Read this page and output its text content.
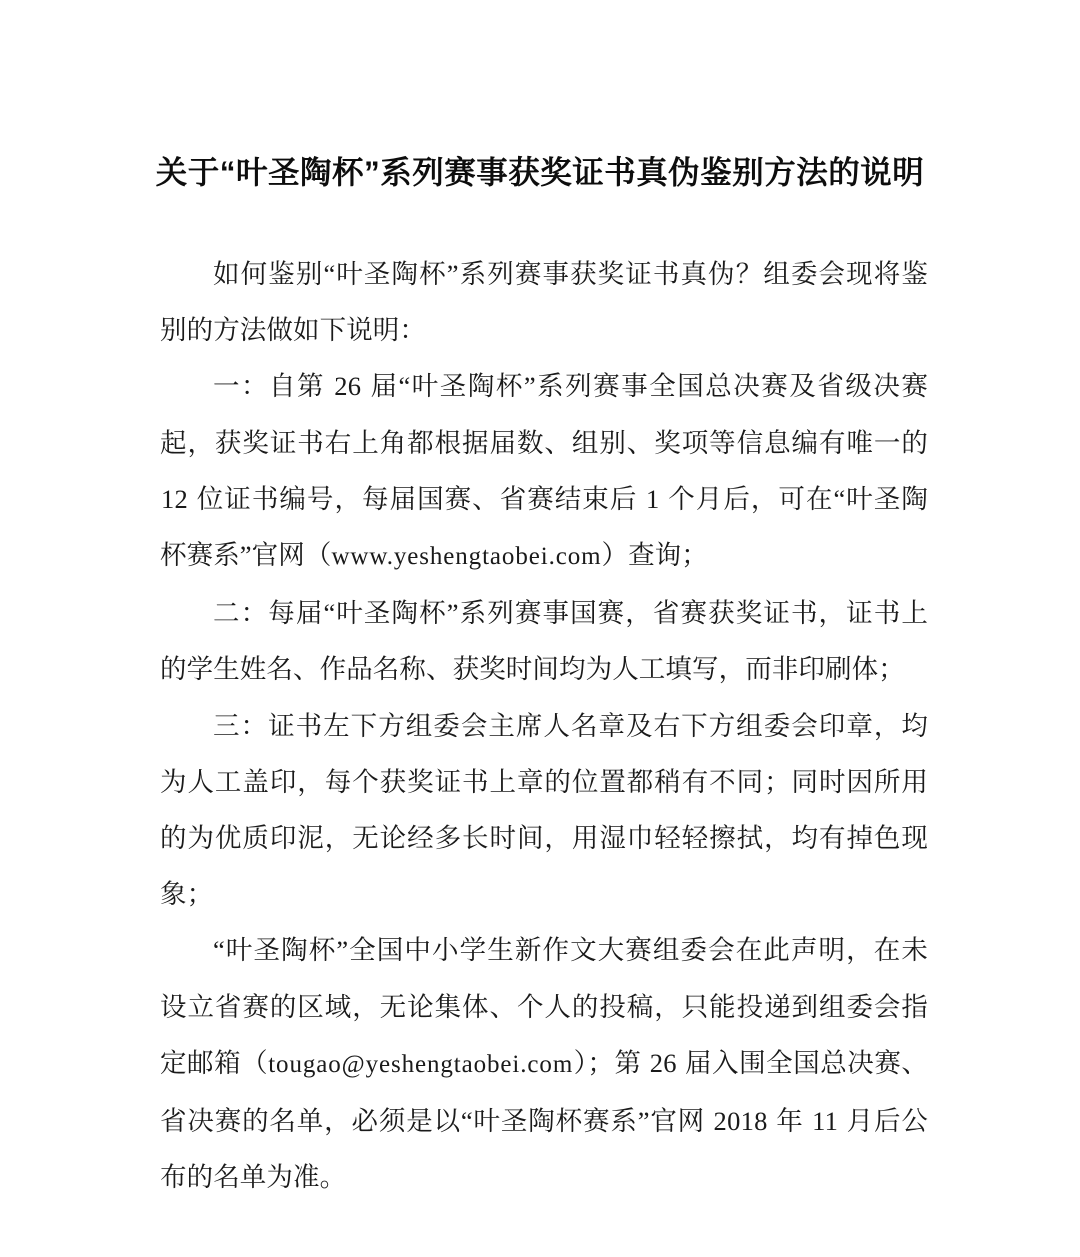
关于“叶圣陶杯”系列赛事获奖证书真伪鉴别方法的说明

如何鉴别“叶圣陶杯”系列赛事获奖证书真伪？组委会现将鉴别的方法做如下说明：

一：自第 26 届“叶圣陶杯”系列赛事全国总决赛及省级决赛起，获奖证书右上角都根据届数、组别、奖项等信息编有唯一的 12 位证书编号，每届国赛、省赛结束后 1 个月后，可在“叶圣陶杯赛系”官网（www.yeshengtaobei.com）查询；

二：每届“叶圣陶杯”系列赛事国赛，省赛获奖证书，证书上的学生姓名、作品名称、获奖时间均为人工填写，而非印刷体；

三：证书左下方组委会主席人名章及右下方组委会印章，均为人工盖印，每个获奖证书上章的位置都稍有不同；同时因所用的为优质印泥，无论经多长时间，用湿巾轻轻擦拭，均有掉色现象；

“叶圣陶杯”全国中小学生新作文大赛组委会在此声明，在未设立省赛的区域，无论集体、个人的投稿，只能投递到组委会指定邮箱（tougao@yeshengtaobei.com）；第 26 届入围全国总决赛、省决赛的名单，必须是以“叶圣陶杯赛系”官网 2018 年 11 月后公布的名单为准。
